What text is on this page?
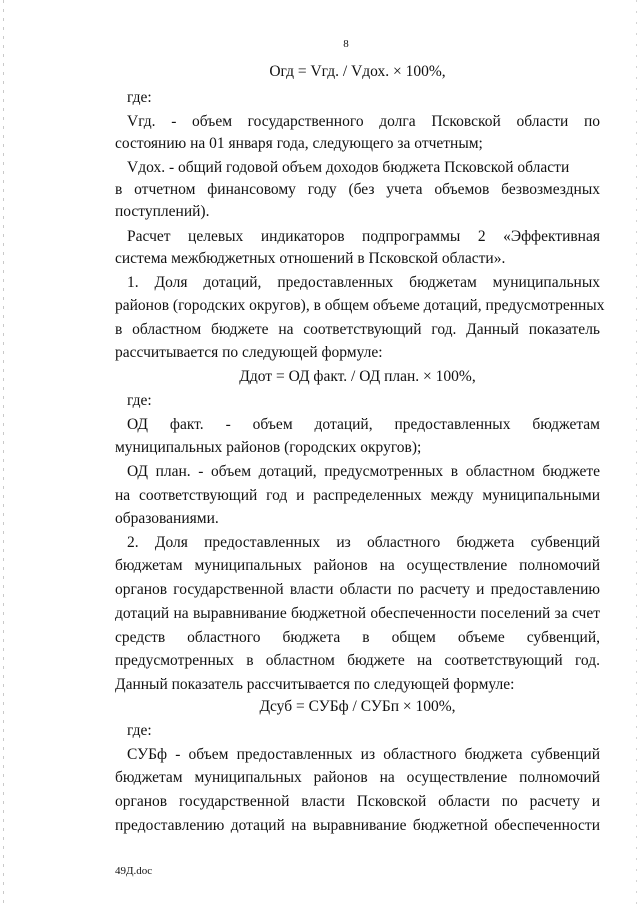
8
Огд = Vгд. / Vдох. × 100%,
где:
Vгд. - объем государственного долга Псковской области по
состоянию на 01 января года, следующего за отчетным;
Vдох. - общий годовой объем доходов бюджета Псковской области
в отчетном финансовому году (без учета объемов безвозмездных
поступлений).
Расчет целевых индикаторов подпрограммы 2 «Эффективная
система межбюджетных отношений в Псковской области».
1. Доля дотаций, предоставленных бюджетам муниципальных
районов (городских округов), в общем объеме дотаций, предусмотренных
в областном бюджете на соответствующий год. Данный показатель
рассчитывается по следующей формуле:
Ддот = ОД факт. / ОД план. × 100%,
где:
ОД факт. - объем дотаций, предоставленных бюджетам
муниципальных районов (городских округов);
ОД план. - объем дотаций, предусмотренных в областном бюджете
на соответствующий год и распределенных между муниципальными
образованиями.
2. Доля предоставленных из областного бюджета субвенций
бюджетам муниципальных районов на осуществление полномочий
органов государственной власти области по расчету и предоставлению
дотаций на выравнивание бюджетной обеспеченности поселений за счет
средств областного бюджета в общем объеме субвенций,
предусмотренных в областном бюджете на соответствующий год.
Данный показатель рассчитывается по следующей формуле:
Дсуб = СУБф / СУБп × 100%,
где:
СУБф - объем предоставленных из областного бюджета субвенций
бюджетам муниципальных районов на осуществление полномочий
органов государственной власти Псковской области по расчету и
предоставлению дотаций на выравнивание бюджетной обеспеченности
49Д.doc
